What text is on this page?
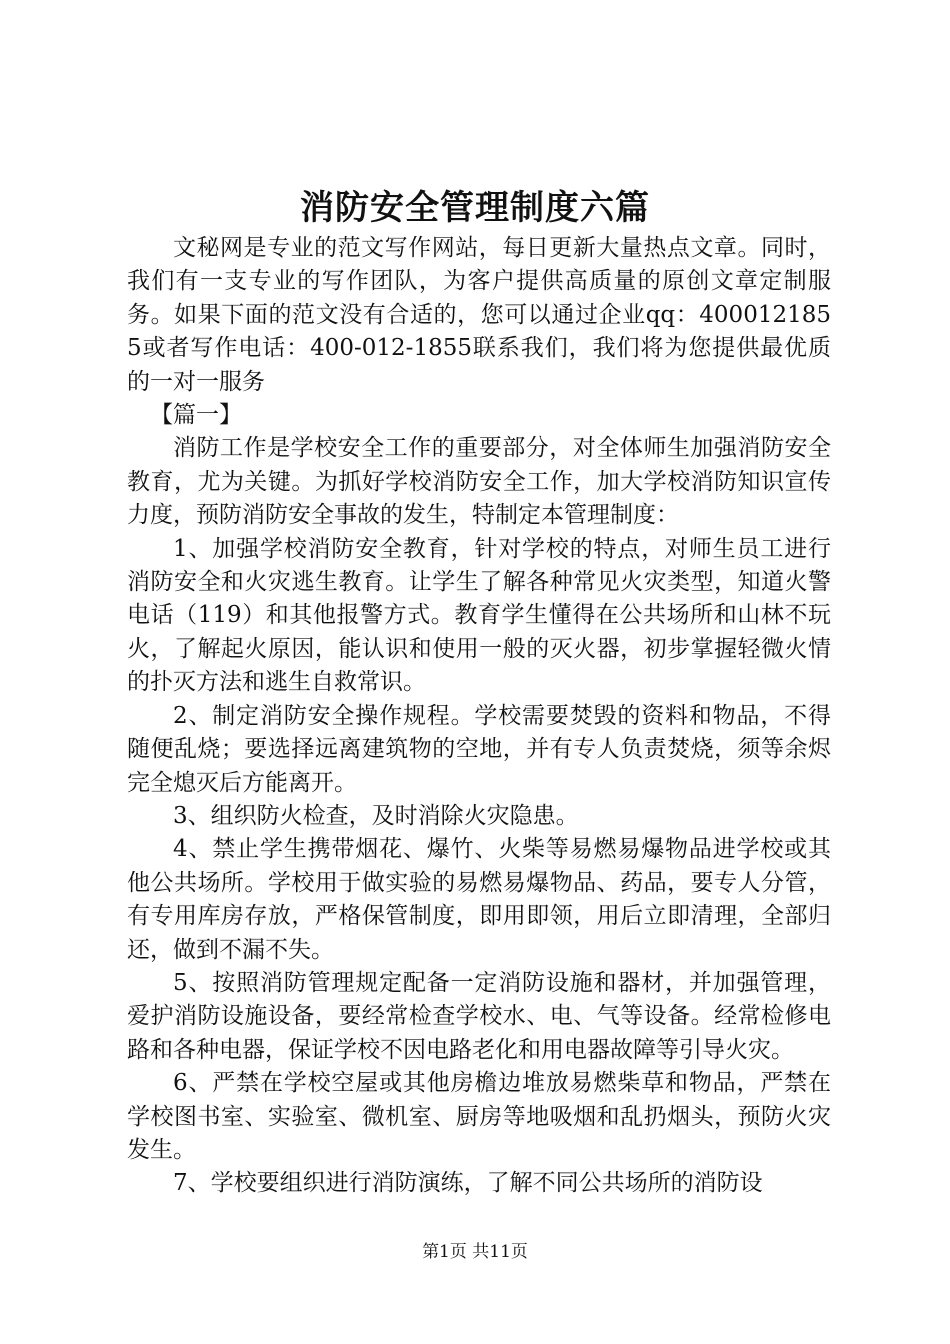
消防安全管理制度六篇

文秘网是专业的范文写作网站，每日更新大量热点文章。同时，我们有一支专业的写作团队，为客户提供高质量的原创文章定制服务。如果下面的范文没有合适的，您可以通过企业qq：4000121855或者写作电话：400-012-1855联系我们，我们将为您提供最优质的一对一服务

【篇一】

消防工作是学校安全工作的重要部分，对全体师生加强消防安全教育，尤为关键。为抓好学校消防安全工作，加大学校消防知识宣传力度，预防消防安全事故的发生，特制定本管理制度：

1、加强学校消防安全教育，针对学校的特点，对师生员工进行消防安全和火灾逃生教育。让学生了解各种常见火灾类型，知道火警电话（119）和其他报警方式。教育学生懂得在公共场所和山林不玩火，了解起火原因，能认识和使用一般的灭火器，初步掌握轻微火情的扑灭方法和逃生自救常识。

2、制定消防安全操作规程。学校需要焚毁的资料和物品，不得随便乱烧；要选择远离建筑物的空地，并有专人负责焚烧，须等余烬完全熄灭后方能离开。

3、组织防火检查，及时消除火灾隐患。

4、禁止学生携带烟花、爆竹、火柴等易燃易爆物品进学校或其他公共场所。学校用于做实验的易燃易爆物品、药品，要专人分管，有专用库房存放，严格保管制度，即用即领，用后立即清理，全部归还，做到不漏不失。

5、按照消防管理规定配备一定消防设施和器材，并加强管理，爱护消防设施设备，要经常检查学校水、电、气等设备。经常检修电路和各种电器，保证学校不因电路老化和用电器故障等引导火灾。

6、严禁在学校空屋或其他房檐边堆放易燃柴草和物品，严禁在学校图书室、实验室、微机室、厨房等地吸烟和乱扔烟头，预防火灾发生。

7、学校要组织进行消防演练，了解不同公共场所的消防设

第1页 共11页
